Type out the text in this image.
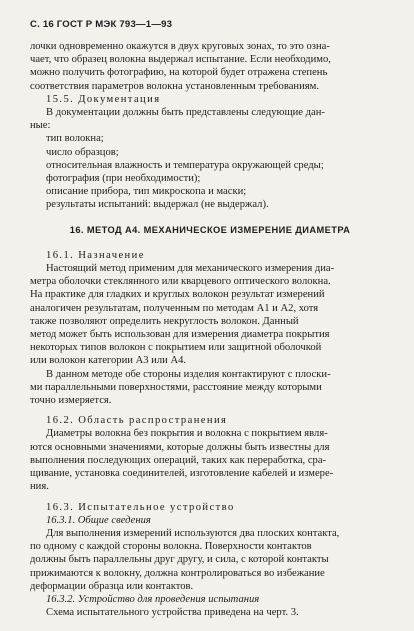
С. 16 ГОСТ Р МЭК 793—1—93

лочки одновременно окажутся в двух круговых зонах, то это озна-

чает, что образец волокна выдержал испытание. Если необходимо,

можно получить фотографию, на которой будет отражена степень

соответствия параметров волокна установленным требованиям.

15.5. Документация

В документации должны быть представлены следующие дан-

ные:

тип волокна;

число образцов;

относительная влажность и температура окружающей среды;

фотография (при необходимости);

описание прибора, тип микроскопа и маски;

результаты испытаний: выдержал (не выдержал).

16. МЕТОД А4. МЕХАНИЧЕСКОЕ ИЗМЕРЕНИЕ ДИАМЕТРА

16.1. Назначение

Настоящий метод применим для механического измерения диа-

метра оболочки стеклянного или кварцевого оптического волокна.

На практике для гладких и круглых волокон результат измерений

аналогичен результатам, полученным по методам А1 и А2, хотя

также позволяют определить некруглость волокон. Данный

метод может быть использован для измерения диаметра покрытия

некоторых типов волокон с покрытием или защитной оболочкой

или волокон категории А3 или А4.

В данном методе обе стороны изделия контактируют с плоски-

ми параллельными поверхностями, расстояние между которыми

точно измеряется.

16.2. Область распространения

Диаметры волокна без покрытия и волокна с покрытием явля-

ются основными значениями, которые должны быть известны для

выполнения последующих операций, таких как переработка, сра-

щивание, установка соединителей, изготовление кабелей и измере-

ния.

16.3. Испытательное устройство

16.3.1. Общие сведения

Для выполнения измерений используются два плоских контакта,

по одному с каждой стороны волокна. Поверхности контактов

должны быть параллельны друг другу, и сила, с которой контакты

прижимаются к волокну, должна контролироваться во избежание

деформации образца или контактов.

16.3.2. Устройство для проведения испытания

Схема испытательного устройства приведена на черт. 3.
